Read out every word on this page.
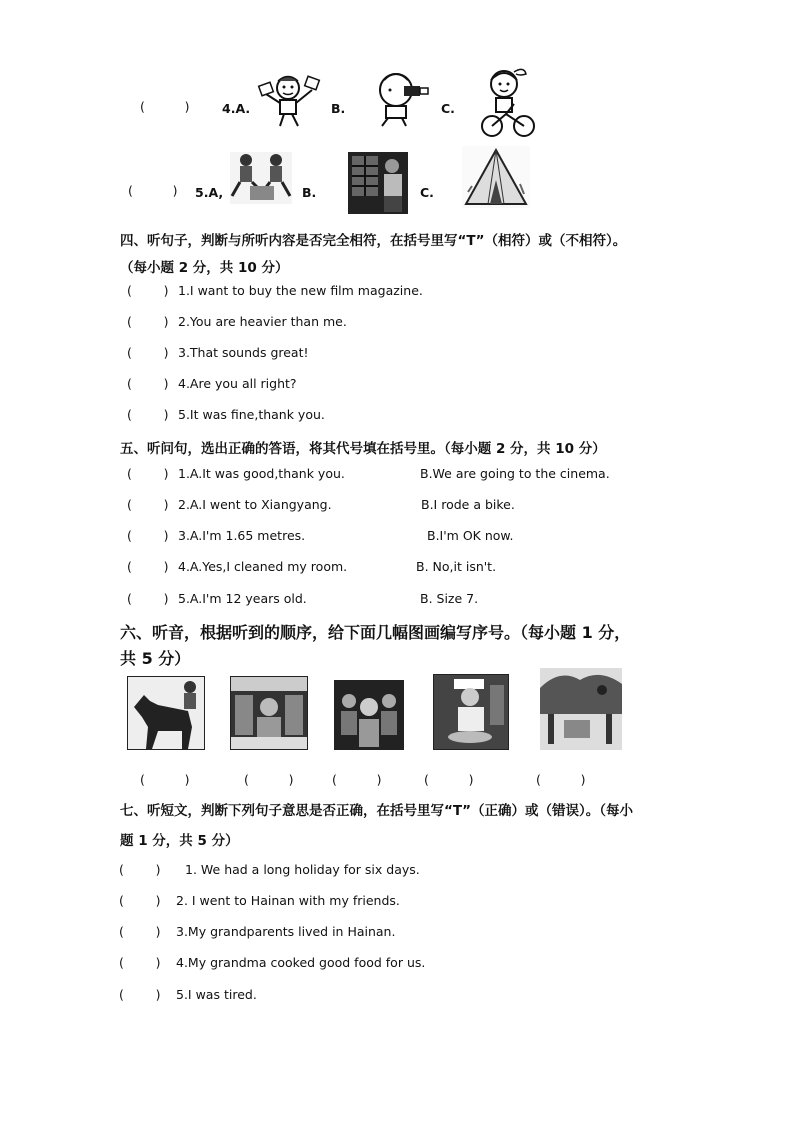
(          )	4.A.	B.	C.
(          ) 5.A,	B.	C.
四、听句子，判断与所听内容是否完全相符，在括号里写“T”（相符）或（不相符）。
（每小题 2 分，共 10 分）
(        ) 1.I want to buy the new film magazine.
(        ) 2.You are heavier than me.
(        ) 3.That sounds great!
(        ) 4.Are you all right?
(        ) 5.It was fine,thank you.
五、听问句，选出正确的答语，将其代号填在括号里。（每小题 2 分，共 10 分）
(        ) 1.A.It was good,thank you.	B.We are going to the cinema.
(        ) 2.A.I went to Xiangyang.	B.I rode a bike.
(        ) 3.A.I'm 1.65 metres.	B.I'm OK now.
(        ) 4.A.Yes,I cleaned my room.	B. No,it isn't.
(        ) 5.A.I'm 12 years old.	B. Size 7.
六、听音，根据听到的顺序，给下面几幅图画编写序号。（每小题 1 分，
共 5 分）
(          )	(          )	(          )	(          )	(          )
七、听短文，判断下列句子意思是否正确，在括号里写“T”（正确）或（错误）。（每小
题 1 分，共 5 分）
(        ) 1. We had a long holiday for six days.
(        ) 2. I went to Hainan with my friends.
(        ) 3.My grandparents lived in Hainan.
(        ) 4.My grandma cooked good food for us.
(        ) 5.I was tired.
